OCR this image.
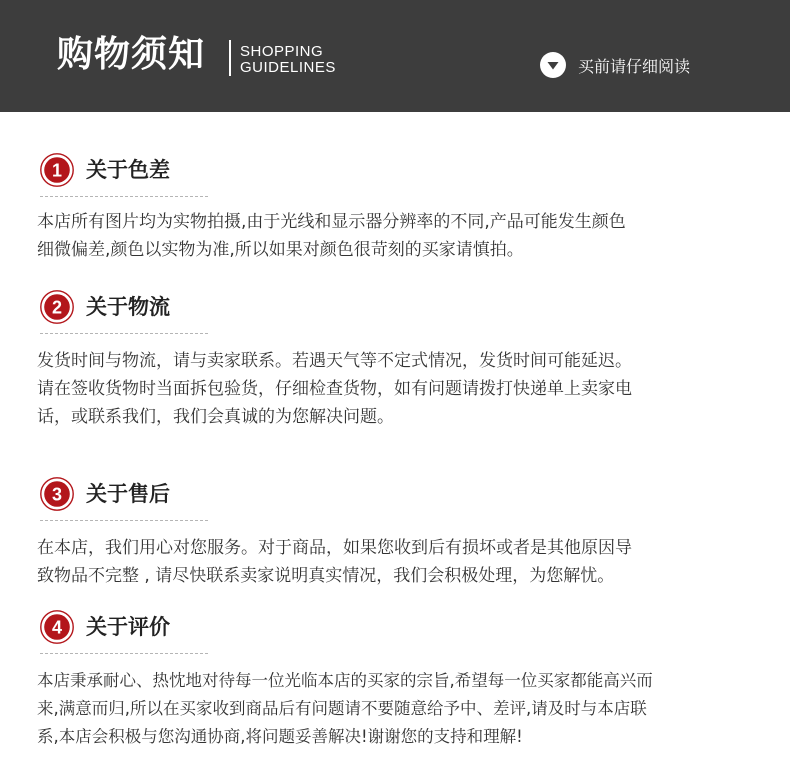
购物须知 SHOPPING
GUIDELINES	买前请仔细阅读
1 关于色差
本店所有图片均为实物拍摄,由于光线和显示器分辨率的不同,产品可能发生颜色
细微偏差,颜色以实物为准,所以如果对颜色很苛刻的买家请慎拍。
2 关于物流
发货时间与物流，请与卖家联系。若遇天气等不定式情况，发货时间可能延迟。
请在签收货物时当面拆包验货，仔细检查货物，如有问题请拨打快递单上卖家电
话，或联系我们，我们会真诚的为您解决问题。
3 关于售后
在本店，我们用心对您服务。对于商品，如果您收到后有损坏或者是其他原因导
致物品不完整 , 请尽快联系卖家说明真实情况，我们会积极处理，为您解忧。
4 关于评价
本店秉承耐心、热忱地对待每一位光临本店的买家的宗旨,希望每一位买家都能高兴而
来,满意而归,所以在买家收到商品后有问题请不要随意给予中、差评,请及时与本店联
系,本店会积极与您沟通协商,将问题妥善解决!谢谢您的支持和理解!
